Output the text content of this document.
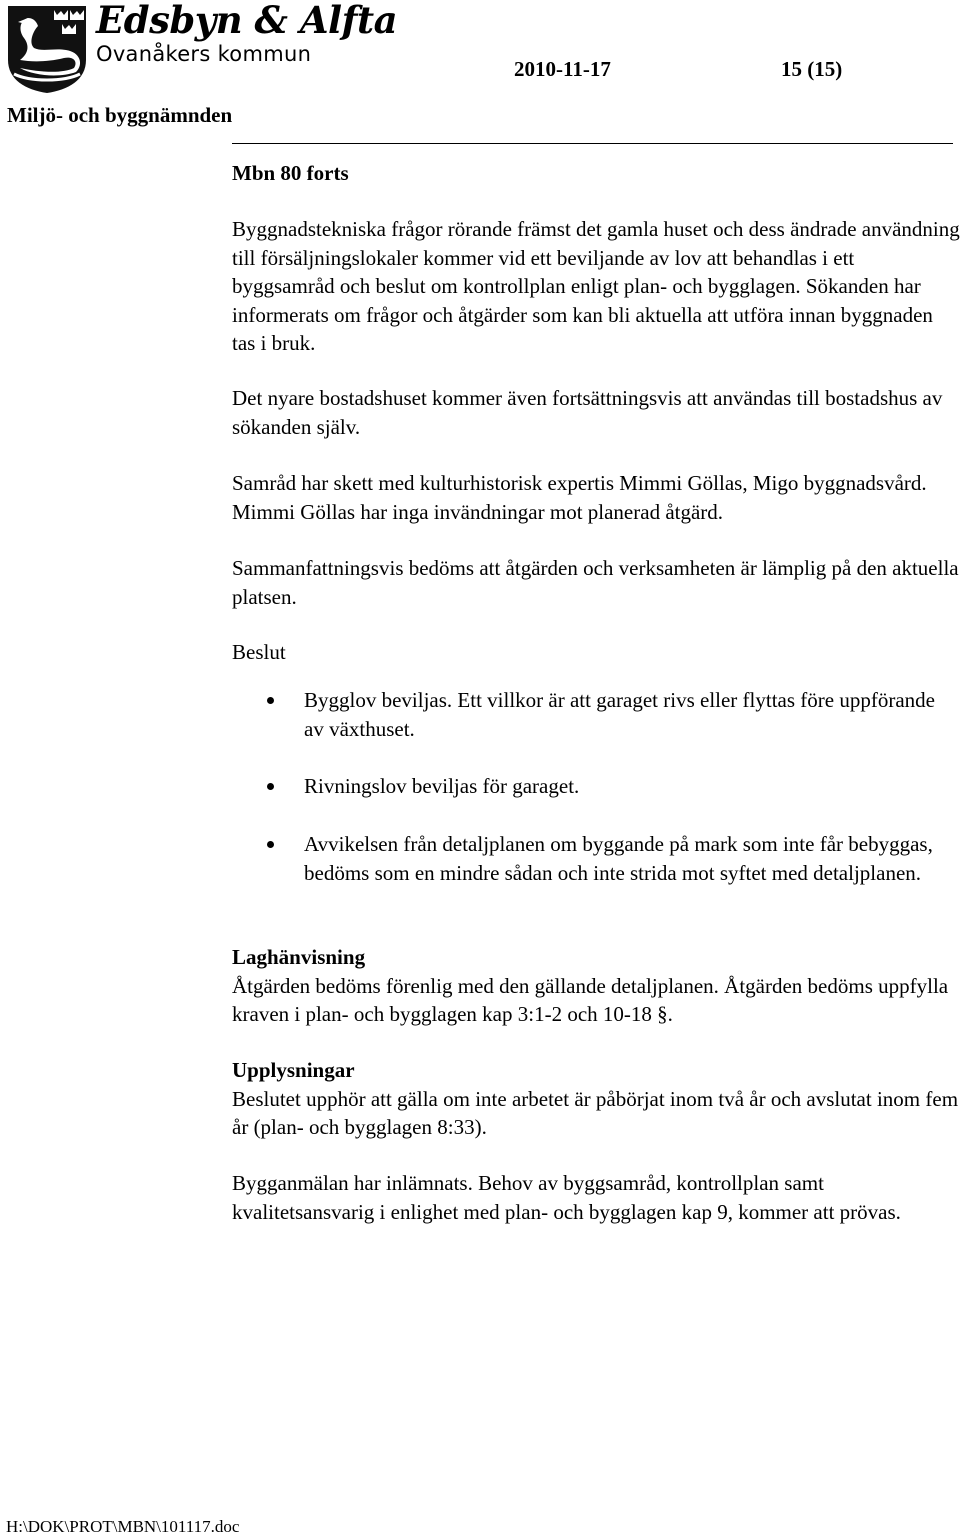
Edsbyn & Alfta
Ovanåkers kommun
2010-11-17	15 (15)
Miljö- och byggnämnden

Mbn 80 forts

Byggnadstekniska frågor rörande främst det gamla huset och dess ändrade användning till försäljningslokaler kommer vid ett beviljande av lov att behandlas i ett byggsamråd och beslut om kontrollplan enligt plan- och bygglagen. Sökanden har informerats om frågor och åtgärder som kan bli aktuella att utföra innan byggnaden tas i bruk.

Det nyare bostadshuset kommer även fortsättningsvis att användas till bostadshus av sökanden själv.

Samråd har skett med kulturhistorisk expertis Mimmi Göllas, Migo byggnadsvård. Mimmi Göllas har inga invändningar mot planerad åtgärd.

Sammanfattningsvis bedöms att åtgärden och verksamheten är lämplig på den aktuella platsen.

Beslut

Bygglov beviljas. Ett villkor är att garaget rivs eller flyttas före uppförande av växthuset.
Rivningslov beviljas för garaget.
Avvikelsen från detaljplanen om byggande på mark som inte får bebyggas, bedöms som en mindre sådan och inte strida mot syftet med detaljplanen.

Laghänvisning

Åtgärden bedöms förenlig med den gällande detaljplanen. Åtgärden bedöms uppfylla kraven i plan- och bygglagen kap 3:1-2 och 10-18 §.

Upplysningar

Beslutet upphör att gälla om inte arbetet är påbörjat inom två år och avslutat inom fem år (plan- och bygglagen 8:33).

Bygganmälan har inlämnats. Behov av byggsamråd, kontrollplan samt kvalitetsansvarig i enlighet med plan- och bygglagen kap 9, kommer att prövas.

H:\DOK\PROT\MBN\101117.doc
